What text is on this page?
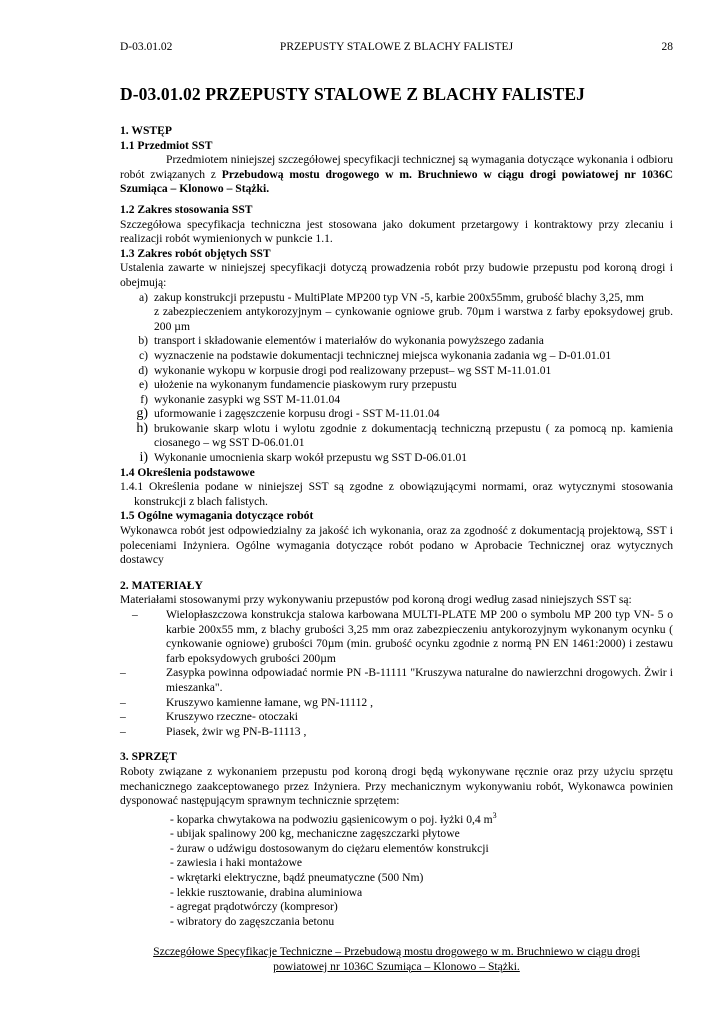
D-03.01.02	PRZEPUSTY STALOWE Z BLACHY FALISTEJ	28
D-03.01.02 PRZEPUSTY STALOWE Z BLACHY FALISTEJ
1. WSTĘP
1.1 Przedmiot SST

Przedmiotem niniejszej szczegółowej specyfikacji technicznej są wymagania dotyczące wykonania i odbioru robót związanych z Przebudową mostu drogowego w m. Bruchniewo w ciągu drogi powiatowej nr 1036C Szumiąca – Klonowo – Stążki.

1.2 Zakres stosowania SST

Szczegółowa specyfikacja techniczna jest stosowana jako dokument przetargowy i kontraktowy przy zlecaniu i realizacji robót wymienionych w punkcie 1.1.

1.3 Zakres robót objętych SST

Ustalenia zawarte w niniejszej specyfikacji dotyczą prowadzenia robót przy budowie przepustu pod koroną drogi i obejmują:

a) zakup konstrukcji przepustu - MultiPlate MP200 typ VN -5, karbie 200x55mm, grubość blachy 3,25, mm
z zabezpieczeniem antykorozyjnym – cynkowanie ogniowe grub. 70µm i warstwa z farby epoksydowej grub. 200 µm
b) transport i składowanie elementów i materiałów do wykonania powyższego zadania
c) wyznaczenie na podstawie dokumentacji technicznej miejsca wykonania zadania wg – D-01.01.01
d) wykonanie wykopu w korpusie drogi pod realizowany przepust– wg SST M-11.01.01
e) ułożenie na wykonanym fundamencie piaskowym rury przepustu
f) wykonanie zasypki wg SST M-11.01.04
g) uformowanie i zagęszczenie korpusu drogi - SST M-11.01.04
h) brukowanie skarp wlotu i wylotu zgodnie z dokumentacją techniczną przepustu ( za pomocą np. kamienia ciosanego – wg SST D-06.01.01
i) Wykonanie umocnienia skarp wokół przepustu wg SST D-06.01.01
1.4 Określenia podstawowe

1.4.1 Określenia podane w niniejszej SST są zgodne z obowiązującymi normami, oraz wytycznymi stosowania konstrukcji z blach falistych.

1.5 Ogólne wymagania dotyczące robót

Wykonawca robót jest odpowiedzialny za jakość ich wykonania, oraz za zgodność z dokumentacją projektową, SST i poleceniami Inżyniera. Ogólne wymagania dotyczące robót podano w Aprobacie Technicznej oraz wytycznych dostawcy

2. MATERIAŁY

Materiałami stosowanymi przy wykonywaniu przepustów pod koroną drogi według zasad niniejszych SST są:

–	Wielopłaszczowa konstrukcja stalowa karbowana MULTI-PLATE MP 200 o symbolu MP 200 typ VN- 5 o karbie 200x55 mm, z blachy grubości 3,25 mm oraz zabezpieczeniu antykorozyjnym wykonanym ocynku ( cynkowanie ogniowe) grubości 70µm (min. grubość ocynku zgodnie z normą PN EN 1461:2000) i zestawu farb epoksydowych grubości 200µm
–	Zasypka powinna odpowiadać normie PN -B-11111 "Kruszywa naturalne do nawierzchni drogowych. Żwir i mieszanka".
–	Kruszywo kamienne łamane, wg PN-11112 ,
–	Kruszywo rzeczne- otoczaki
–	Piasek, żwir wg PN-B-11113 ,
3. SPRZĘT

Roboty związane z wykonaniem przepustu pod koroną drogi będą wykonywane ręcznie oraz przy użyciu sprzętu mechanicznego zaakceptowanego przez Inżyniera. Przy mechanicznym wykonywaniu robót, Wykonawca powinien dysponować następującym sprawnym technicznie sprzętem:

- koparka chwytakowa na podwoziu gąsienicowym o poj. łyżki 0,4 $m^3$
- ubijak spalinowy 200 kg, mechaniczne zagęszczarki płytowe
- żuraw o udźwigu dostosowanym do ciężaru elementów konstrukcji
- zawiesia i haki montażowe
- wkrętarki elektryczne, bądź pneumatyczne (500 Nm)
- lekkie rusztowanie, drabina aluminiowa
- agregat prądotwórczy (kompresor)
- wibratory do zagęszczania betonu
Szczegółowe Specyfikacje Techniczne – Przebudową mostu drogowego w m. Bruchniewo w ciągu drogi
powiatowej nr 1036C Szumiąca – Klonowo – Stążki.
